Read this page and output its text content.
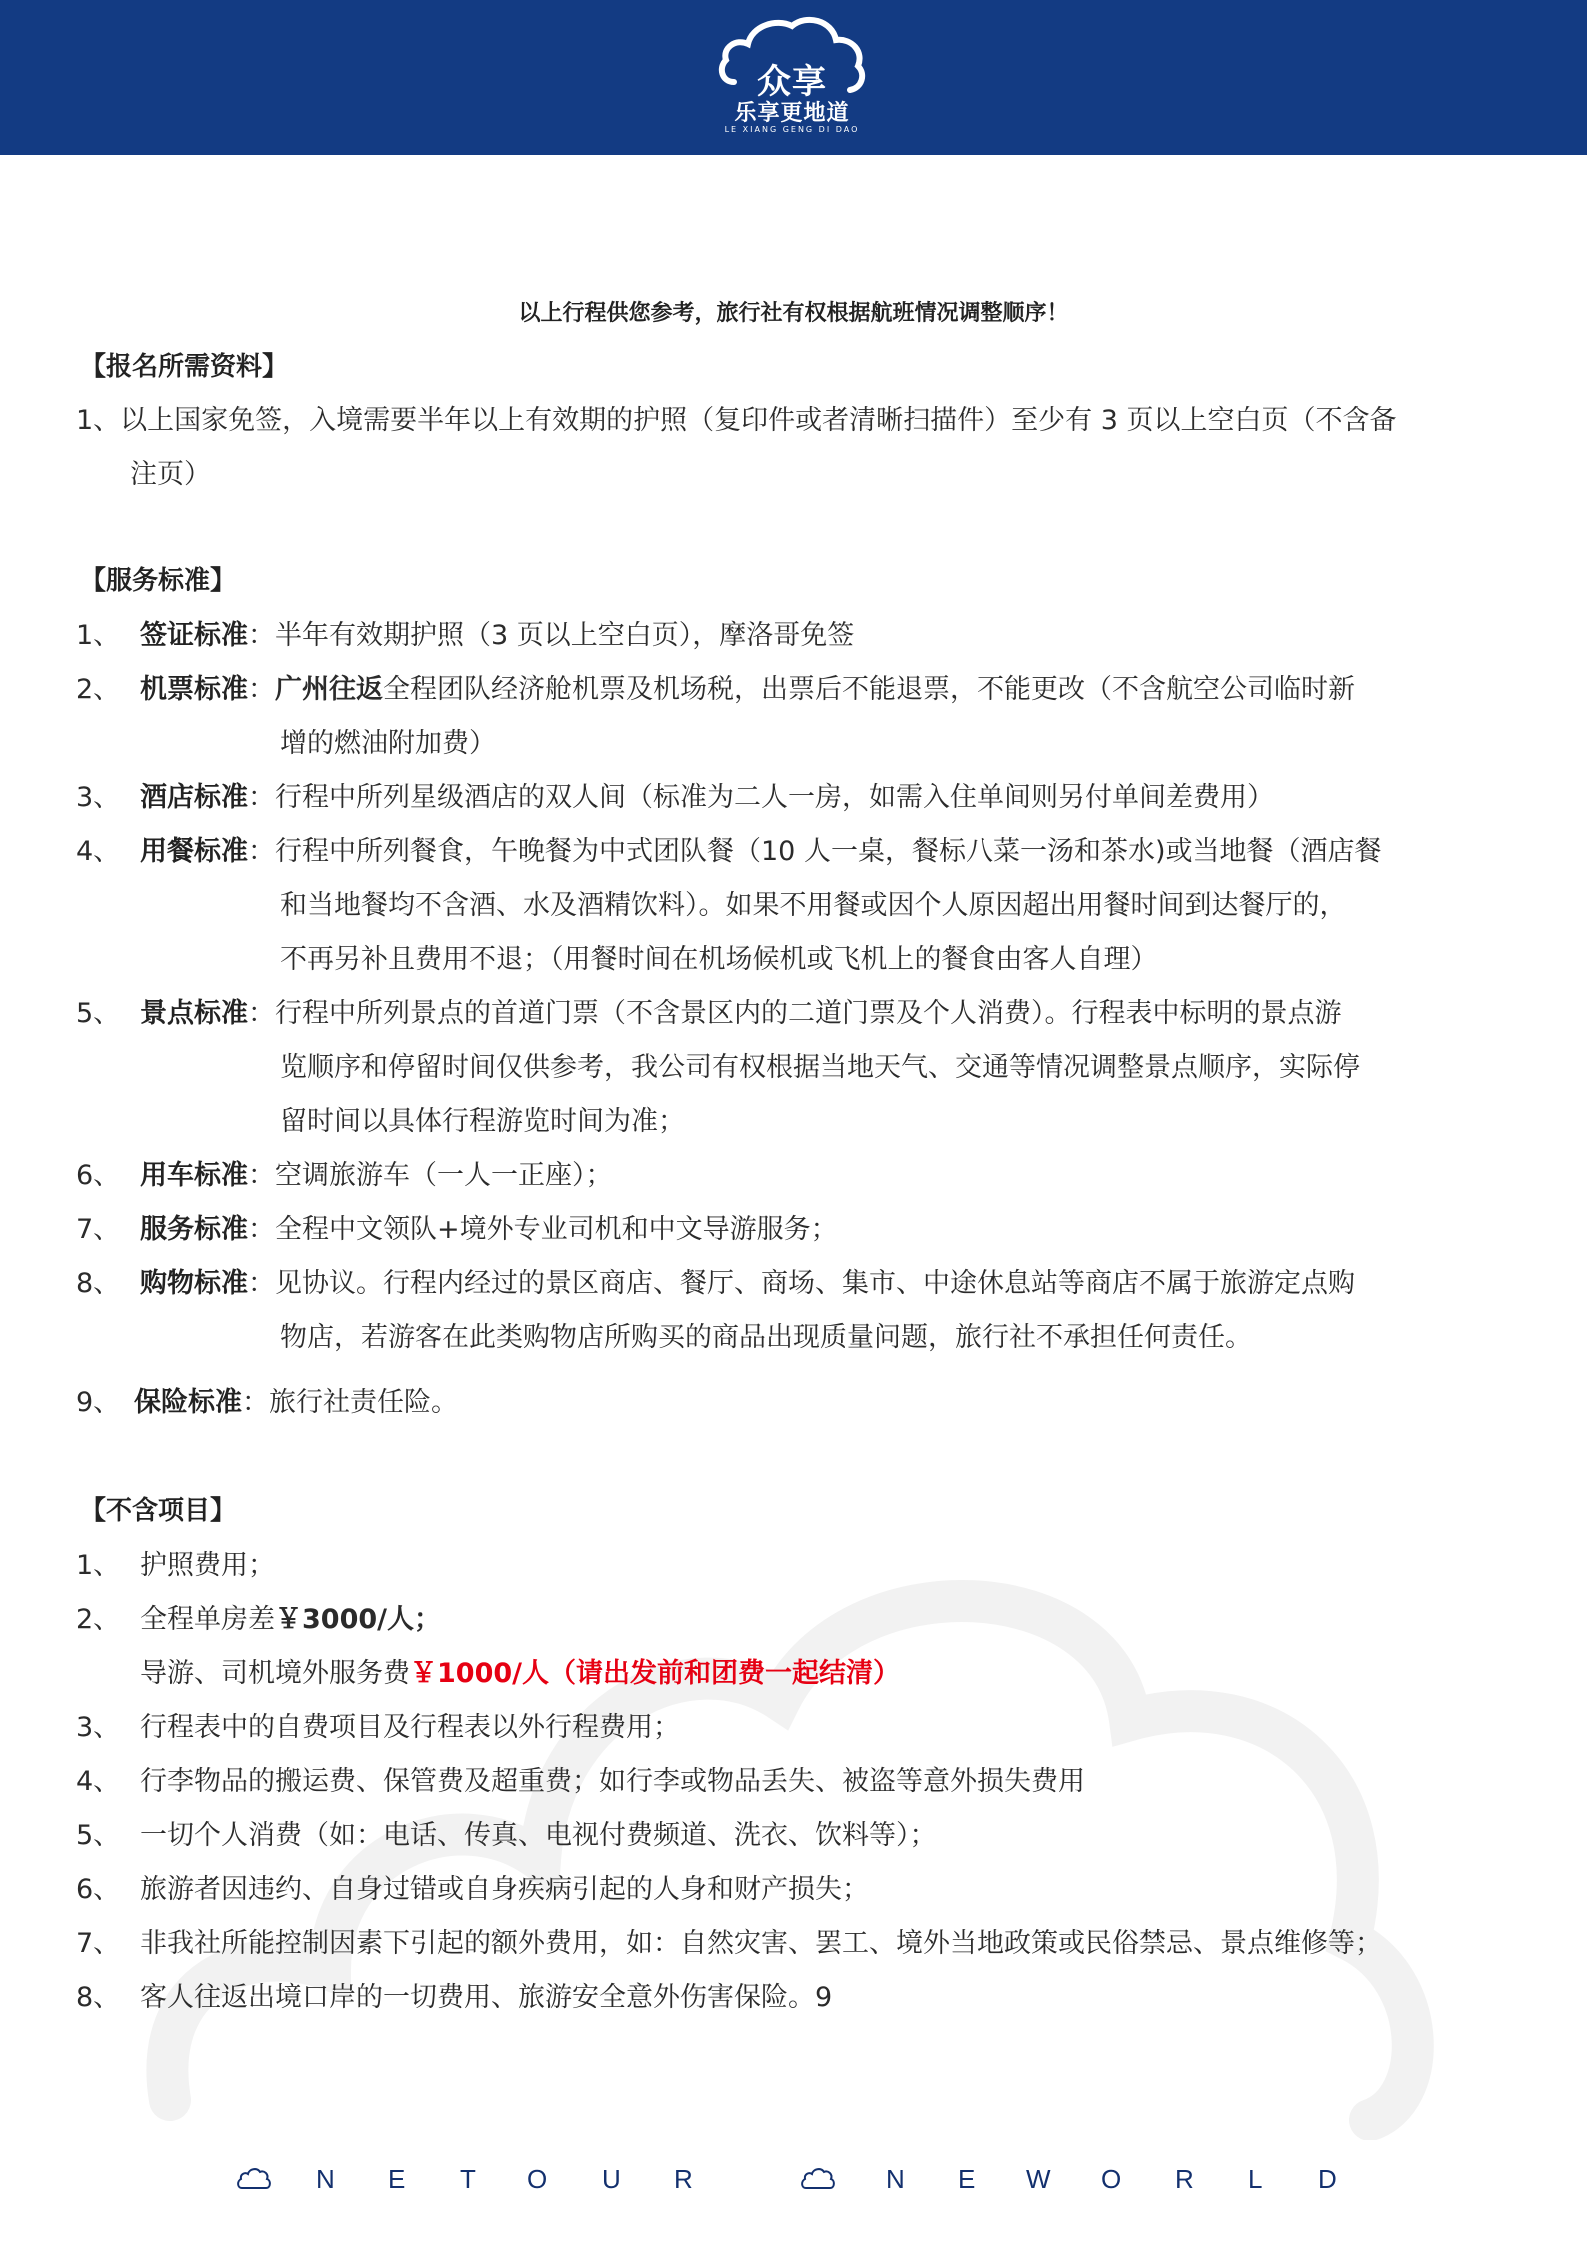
众享
乐享更地道
LE XIANG GENG DI DAO
以上行程供您参考，旅行社有权根据航班情况调整顺序！
【报名所需资料】
1、以上国家免签，入境需要半年以上有效期的护照（复印件或者清晰扫描件）至少有 3 页以上空白页（不含备
注页）
【服务标准】
1、 签证标准：半年有效期护照（3 页以上空白页），摩洛哥免签
2、 机票标准：广州往返全程团队经济舱机票及机场税，出票后不能退票，不能更改（不含航空公司临时新
增的燃油附加费）
3、 酒店标准：行程中所列星级酒店的双人间（标准为二人一房，如需入住单间则另付单间差费用）
4、 用餐标准：行程中所列餐食，午晚餐为中式团队餐（10 人一桌，餐标八菜一汤和茶水)或当地餐（酒店餐
和当地餐均不含酒、水及酒精饮料）。如果不用餐或因个人原因超出用餐时间到达餐厅的，
不再另补且费用不退；（用餐时间在机场候机或飞机上的餐食由客人自理）
5、 景点标准：行程中所列景点的首道门票（不含景区内的二道门票及个人消费）。行程表中标明的景点游
览顺序和停留时间仅供参考，我公司有权根据当地天气、交通等情况调整景点顺序，实际停
留时间以具体行程游览时间为准；
6、 用车标准：空调旅游车（一人一正座）；
7、 服务标准：全程中文领队+境外专业司机和中文导游服务；
8、 购物标准：见协议。行程内经过的景区商店、餐厅、商场、集市、中途休息站等商店不属于旅游定点购
物店，若游客在此类购物店所购买的商品出现质量问题，旅行社不承担任何责任。
9、 保险标准：旅行社责任险。
【不含项目】
1、 护照费用；
2、 全程单房差￥3000/人；
导游、司机境外服务费￥1000/人（请出发前和团费一起结清）
3、 行程表中的自费项目及行程表以外行程费用；
4、 行李物品的搬运费、保管费及超重费；如行李或物品丢失、被盗等意外损失费用
5、 一切个人消费（如：电话、传真、电视付费频道、洗衣、饮料等）；
6、 旅游者因违约、自身过错或自身疾病引起的人身和财产损失；
7、 非我社所能控制因素下引起的额外费用，如：自然灾害、罢工、境外当地政策或民俗禁忌、景点维修等；
8、 客人往返出境口岸的一切费用、旅游安全意外伤害保险。9
N E T O U R	N E W O R L D
